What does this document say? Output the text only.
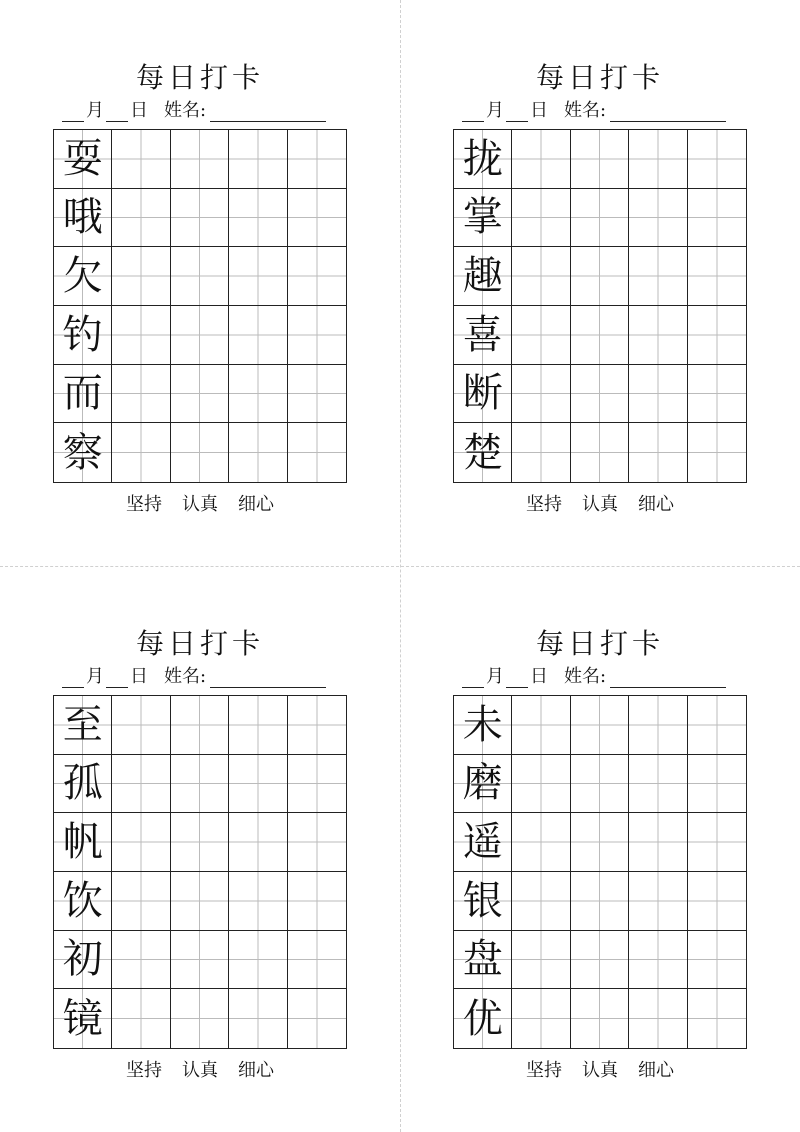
每日打卡
月 日 姓名:
耍
哦
欠
钓
而
察
坚持 认真 细心
每日打卡
月 日 姓名:
拢
掌
趣
喜
断
楚
坚持 认真 细心
每日打卡
月 日 姓名:
至
孤
帆
饮
初
镜
坚持 认真 细心
每日打卡
月 日 姓名:
未
磨
遥
银
盘
优
坚持 认真 细心
